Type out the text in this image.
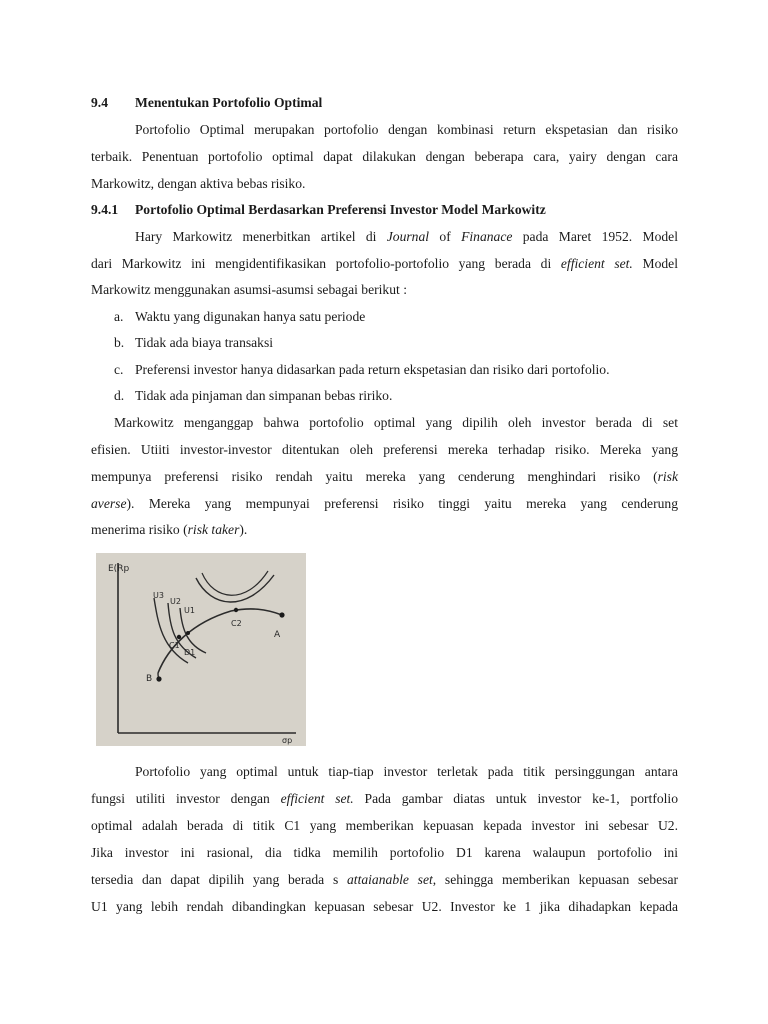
9.4 Menentukan Portofolio Optimal
Portofolio Optimal merupakan portofolio dengan kombinasi return ekspetasian dan risiko
terbaik. Penentuan portofolio optimal dapat dilakukan dengan beberapa cara, yairy dengan cara
Markowitz, dengan aktiva bebas risiko.
9.4.1 Portofolio Optimal Berdasarkan Preferensi Investor Model Markowitz
Hary Markowitz menerbitkan artikel di Journal of Finanace pada Maret 1952. Model
dari Markowitz ini mengidentifikasikan portofolio-portofolio yang berada di efficient set. Model
Markowitz menggunakan asumsi-asumsi sebagai berikut :
a. Waktu yang digunakan hanya satu periode
b. Tidak ada biaya transaksi
c. Preferensi investor hanya didasarkan pada return ekspetasian dan risiko dari portofolio.
d. Tidak ada pinjaman dan simpanan bebas ririko.
Markowitz menganggap bahwa portofolio optimal yang dipilih oleh investor berada di set
efisien. Utiiti investor-investor ditentukan oleh preferensi mereka terhadap risiko. Mereka yang
mempunya preferensi risiko rendah yaitu mereka yang cenderung menghindari risiko (risk
averse). Mereka yang mempunyai preferensi risiko tinggi yaitu mereka yang cenderung
menerima risiko (risk taker).
E(Rp
σp
U3
U2
U1
C1
D1
C2
A
B
Portofolio yang optimal untuk tiap-tiap investor terletak pada titik persinggungan antara
fungsi utiliti investor dengan efficient set. Pada gambar diatas untuk investor ke-1, portfolio
optimal adalah berada di titik C1 yang memberikan kepuasan kepada investor ini sebesar U2.
Jika investor ini rasional, dia tidka memilih portofolio D1 karena walaupun portofolio ini
tersedia dan dapat dipilih yang berada s attaianable set, sehingga memberikan kepuasan sebesar
U1 yang lebih rendah dibandingkan kepuasan sebesar U2. Investor ke 1 jika dihadapkan kepada
